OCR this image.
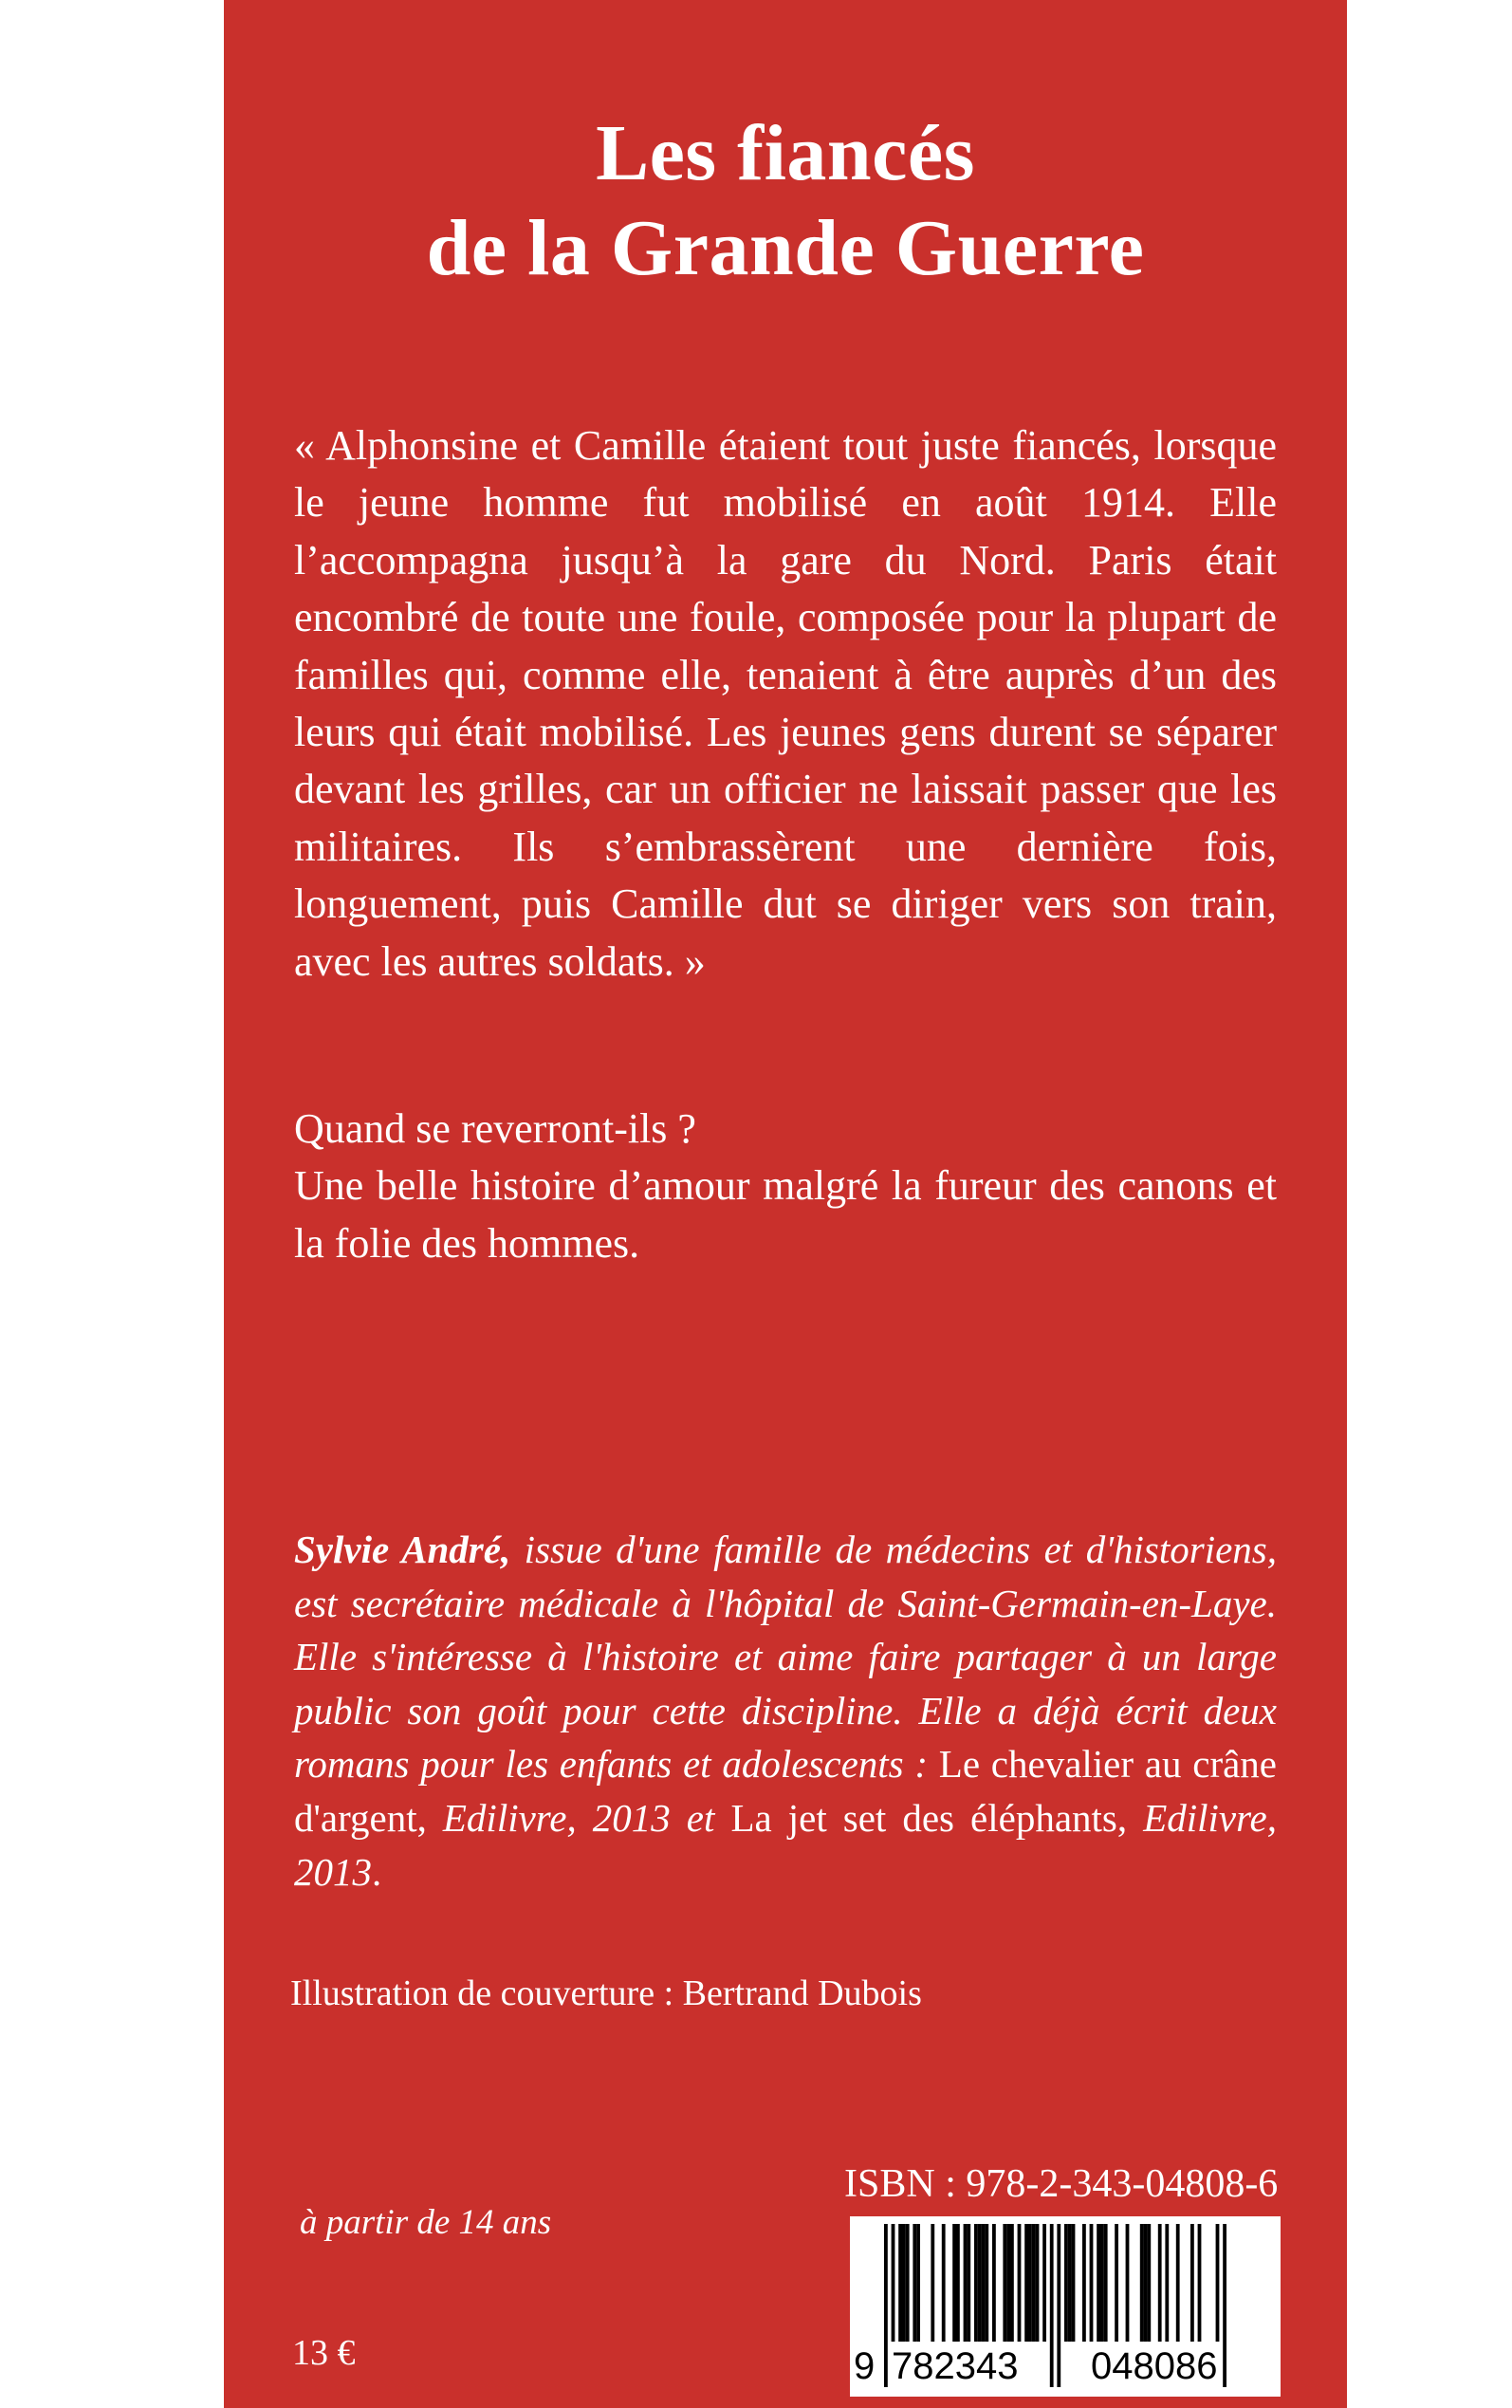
Les fiancés
de la Grande Guerre

« Alphonsine et Camille étaient tout juste fiancés, lorsque le jeune homme fut mobilisé en août 1914. Elle l’accompagna jusqu’à la gare du Nord. Paris était encombré de toute une foule, composée pour la plupart de familles qui, comme elle, tenaient à être auprès d’un des leurs qui était mobilisé. Les jeunes gens durent se séparer devant les grilles, car un officier ne laissait passer que les militaires. Ils s’embrassèrent une dernière fois, longuement, puis Camille dut se diriger vers son train, avec les autres soldats. »

Quand se reverront-ils ?

Une belle histoire d’amour malgré la fureur des canons et la folie des hommes.

Sylvie André, issue d'une famille de médecins et d'historiens, est secrétaire médicale à l'hôpital de Saint-Germain-en-Laye. Elle s'intéresse à l'histoire et aime faire partager à un large public son goût pour cette discipline. Elle a déjà écrit deux romans pour les enfants et adolescents : Le chevalier au crâne d'argent, Edilivre, 2013 et La jet set des éléphants, Edilivre, 2013.
Illustration de couverture : Bertrand Dubois
à partir de 14 ans
13 €
ISBN : 978-2-343-04808-6
9 782343 048086
